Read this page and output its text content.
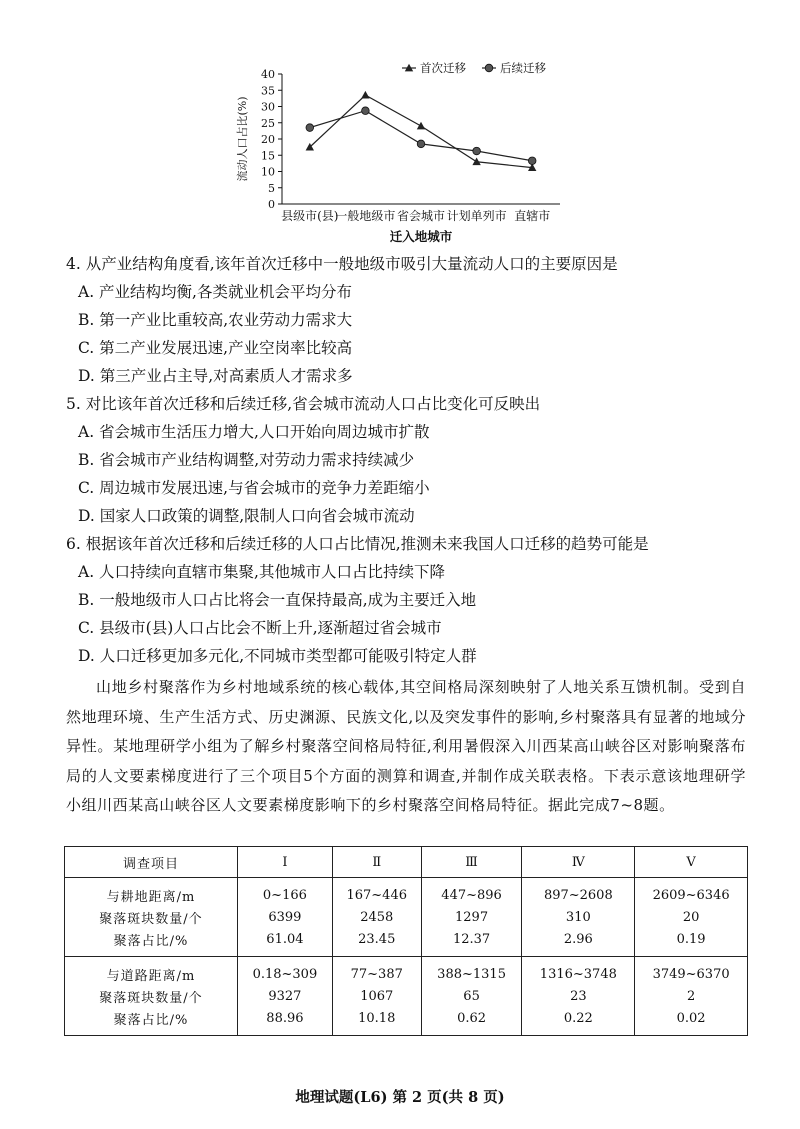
0
5
10
15
20
25
30
35
40
县级市(县)
一般地级市 省会城市 计划单列市 直辖市
迁入地城市
流动人口占比(%)
首次迁移	后续迁移
4. 从产业结构角度看,该年首次迁移中一般地级市吸引大量流动人口的主要原因是
A. 产业结构均衡,各类就业机会平均分布
B. 第一产业比重较高,农业劳动力需求大
C. 第二产业发展迅速,产业空岗率比较高
D. 第三产业占主导,对高素质人才需求多
5. 对比该年首次迁移和后续迁移,省会城市流动人口占比变化可反映出
A. 省会城市生活压力增大,人口开始向周边城市扩散
B. 省会城市产业结构调整,对劳动力需求持续减少
C. 周边城市发展迅速,与省会城市的竞争力差距缩小
D. 国家人口政策的调整,限制人口向省会城市流动
6. 根据该年首次迁移和后续迁移的人口占比情况,推测未来我国人口迁移的趋势可能是
A. 人口持续向直辖市集聚,其他城市人口占比持续下降
B. 一般地级市人口占比将会一直保持最高,成为主要迁入地
C. 县级市(县)人口占比会不断上升,逐渐超过省会城市
D. 人口迁移更加多元化,不同城市类型都可能吸引特定人群

山地乡村聚落作为乡村地域系统的核心载体,其空间格局深刻映射了人地关系互馈机制。受到自然地理环境、生产生活方式、历史渊源、民族文化,以及突发事件的影响,乡村聚落具有显著的地域分异性。某地理研学小组为了解乡村聚落空间格局特征,利用暑假深入川西某高山峡谷区对影响聚落布局的人文要素梯度进行了三个项目5个方面的测算和调查,并制作成关联表格。下表示意该地理研学小组川西某高山峡谷区人文要素梯度影响下的乡村聚落空间格局特征。据此完成7~8题。

调查项目	Ⅰ	Ⅱ	Ⅲ	Ⅳ	Ⅴ
与耕地距离/m	0~166	167~446	447~896	897~2608	2609~6346
聚落斑块数量/个	6399	2458	1297	310	20
聚落占比/%	61.04	23.45	12.37	2.96	0.19
与道路距离/m	0.18~309	77~387	388~1315	1316~3748	3749~6370
聚落斑块数量/个	9327	1067	65	23	2
聚落占比/%	88.96	10.18	0.62	0.22	0.02
地理试题(L6) 第 2 页(共 8 页)
